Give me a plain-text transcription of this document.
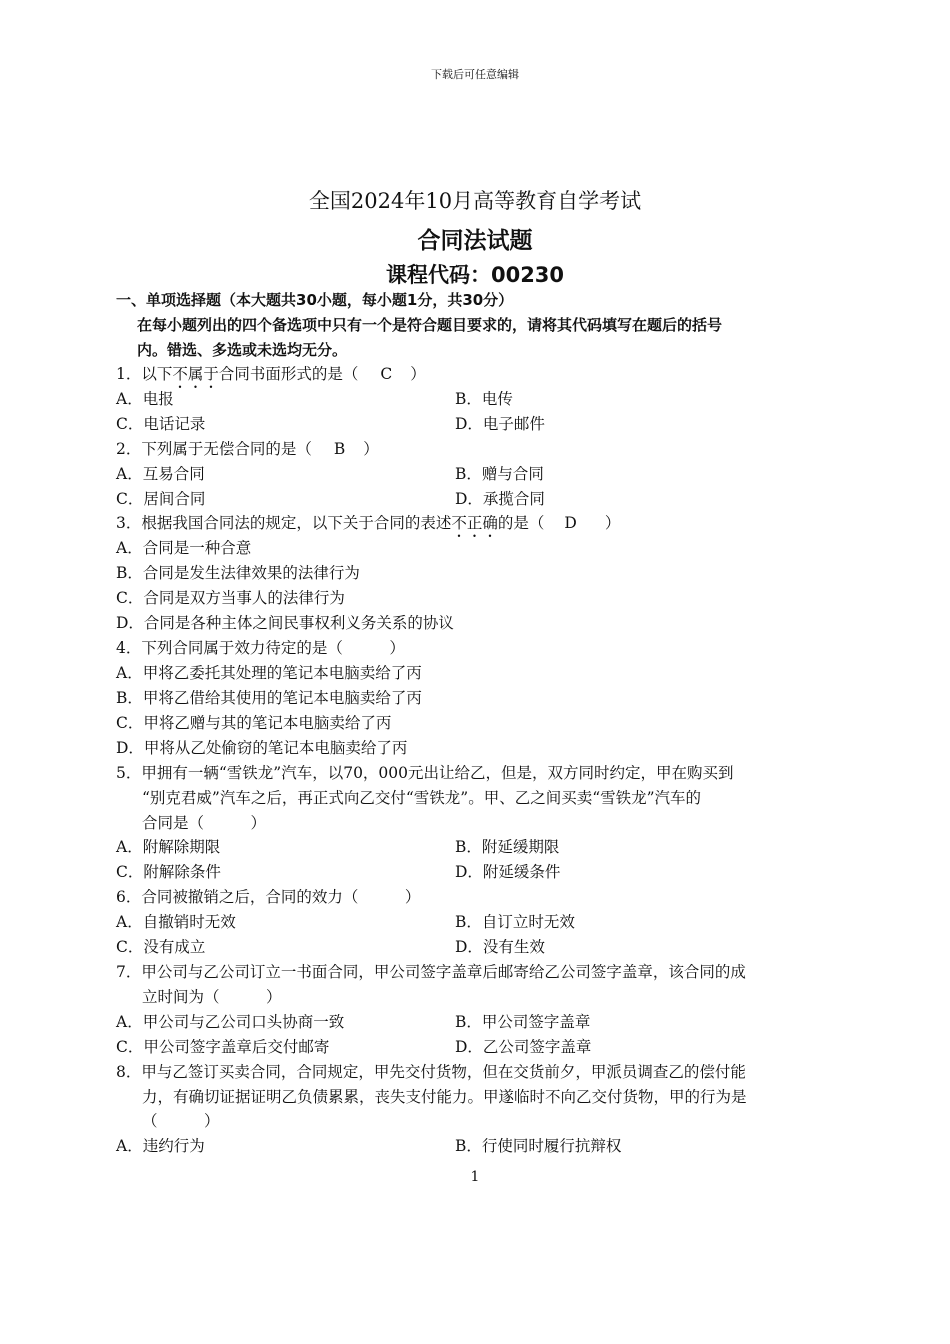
下载后可任意编辑
全国2024年10月高等教育自学考试
合同法试题
课程代码：00230
一、单项选择题（本大题共30小题，每小题1分，共30分）
在每小题列出的四个备选项中只有一个是符合题目要求的，请将其代码填写在题后的括号
内。错选、多选或未选均无分。
1．以下不属于合同书面形式的是（ C ）
A．电报	B．电传
C．电话记录	D．电子邮件
2．下列属于无偿合同的是（ B ）
A．互易合同	B．赠与合同
C．居间合同	D．承揽合同
3．根据我国合同法的规定，以下关于合同的表述不正确的是（ D ）
A．合同是一种合意
B．合同是发生法律效果的法律行为
C．合同是双方当事人的法律行为
D．合同是各种主体之间民事权利义务关系的协议
4．下列合同属于效力待定的是（　　　）
A．甲将乙委托其处理的笔记本电脑卖给了丙
B．甲将乙借给其使用的笔记本电脑卖给了丙
C．甲将乙赠与其的笔记本电脑卖给了丙
D．甲将从乙处偷窃的笔记本电脑卖给了丙
5．甲拥有一辆“雪铁龙”汽车，以70，000元出让给乙，但是，双方同时约定，甲在购买到
“别克君威”汽车之后，再正式向乙交付“雪铁龙”。甲、乙之间买卖“雪铁龙”汽车的
合同是（　　　）
A．附解除期限	B．附延缓期限
C．附解除条件	D．附延缓条件
6．合同被撤销之后，合同的效力（　　　）
A．自撤销时无效	B．自订立时无效
C．没有成立	D．没有生效
7．甲公司与乙公司订立一书面合同，甲公司签字盖章后邮寄给乙公司签字盖章，该合同的成
立时间为（　　　）
A．甲公司与乙公司口头协商一致	B．甲公司签字盖章
C．甲公司签字盖章后交付邮寄	D．乙公司签字盖章
8．甲与乙签订买卖合同，合同规定，甲先交付货物，但在交货前夕，甲派员调查乙的偿付能
力，有确切证据证明乙负债累累，丧失支付能力。甲遂临时不向乙交付货物，甲的行为是
（　　　）
A．违约行为	B．行使同时履行抗辩权
1
